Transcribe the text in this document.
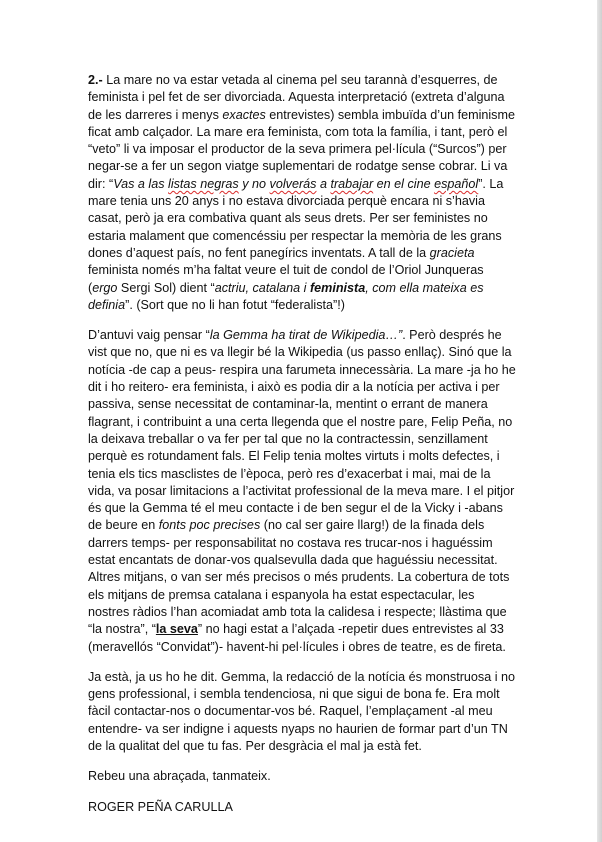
2.- La mare no va estar vetada al cinema pel seu tarannà d’esquerres, de feminista i pel fet de ser divorciada. Aquesta interpretació (extreta d’alguna de les darreres i menys exactes entrevistes) sembla imbuïda d’un feminisme ficat amb calçador. La mare era feminista, com tota la família, i tant, però el “veto” li va imposar el productor de la seva primera pel·lícula (“Surcos”) per negar-se a fer un segon viatge suplementari de rodatge sense cobrar. Li va dir: “Vas a las listas negras y no volverás a trabajar en el cine español”. La mare tenia uns 20 anys i no estava divorciada perquè encara ni s’havia casat, però ja era combativa quant als seus drets. Per ser feministes no estaria malament que comencéssiu per respectar la memòria de les grans dones d’aquest país, no fent panegírics inventats. A tall de la gracieta feminista només m’ha faltat veure el tuit de condol de l’Oriol Junqueras (ergo Sergi Sol) dient “actriu, catalana i feminista, com ella mateixa es definia”. (Sort que no li han fotut “federalista”!)

D’antuvi vaig pensar “la Gemma ha tirat de Wikipedia…”. Però després he vist que no, que ni es va llegir bé la Wikipedia (us passo enllaç). Sinó que la notícia -de cap a peus- respira una farumeta innecessària. La mare -ja ho he dit i ho reitero- era feminista, i això es podia dir a la notícia per activa i per passiva, sense necessitat de contaminar-la, mentint o errant de manera flagrant, i contribuint a una certa llegenda que el nostre pare, Felip Peña, no la deixava treballar o va fer per tal que no la contractessin, senzillament perquè es rotundament fals. El Felip tenia moltes virtuts i molts defectes, i tenia els tics masclistes de l’època, però res d’exacerbat i mai, mai de la vida, va posar limitacions a l’activitat professional de la meva mare. I el pitjor és que la Gemma té el meu contacte i de ben segur el de la Vicky i -abans de beure en fonts poc precises (no cal ser gaire llarg!) de la finada dels darrers temps- per responsabilitat no costava res trucar-nos i haguéssim estat encantats de donar-vos qualsevulla dada que haguéssiu necessitat. Altres mitjans, o van ser més precisos o més prudents. La cobertura de tots els mitjans de premsa catalana i espanyola ha estat espectacular, les nostres ràdios l’han acomiadat amb tota la calidesa i respecte; llàstima que “la nostra”, “la seva” no hagi estat a l’alçada -repetir dues entrevistes al 33 (meravellós “Convidat”)- havent-hi pel·lícules i obres de teatre, es de fireta.

Ja està, ja us ho he dit. Gemma, la redacció de la notícia és monstruosa i no gens professional, i sembla tendenciosa, ni que sigui de bona fe. Era molt fàcil contactar-nos o documentar-vos bé. Raquel, l’emplaçament -al meu entendre- va ser indigne i aquests nyaps no haurien de formar part d’un TN de la qualitat del que tu fas. Per desgràcia el mal ja està fet.

Rebeu una abraçada, tanmateix.

ROGER PEÑA CARULLA
